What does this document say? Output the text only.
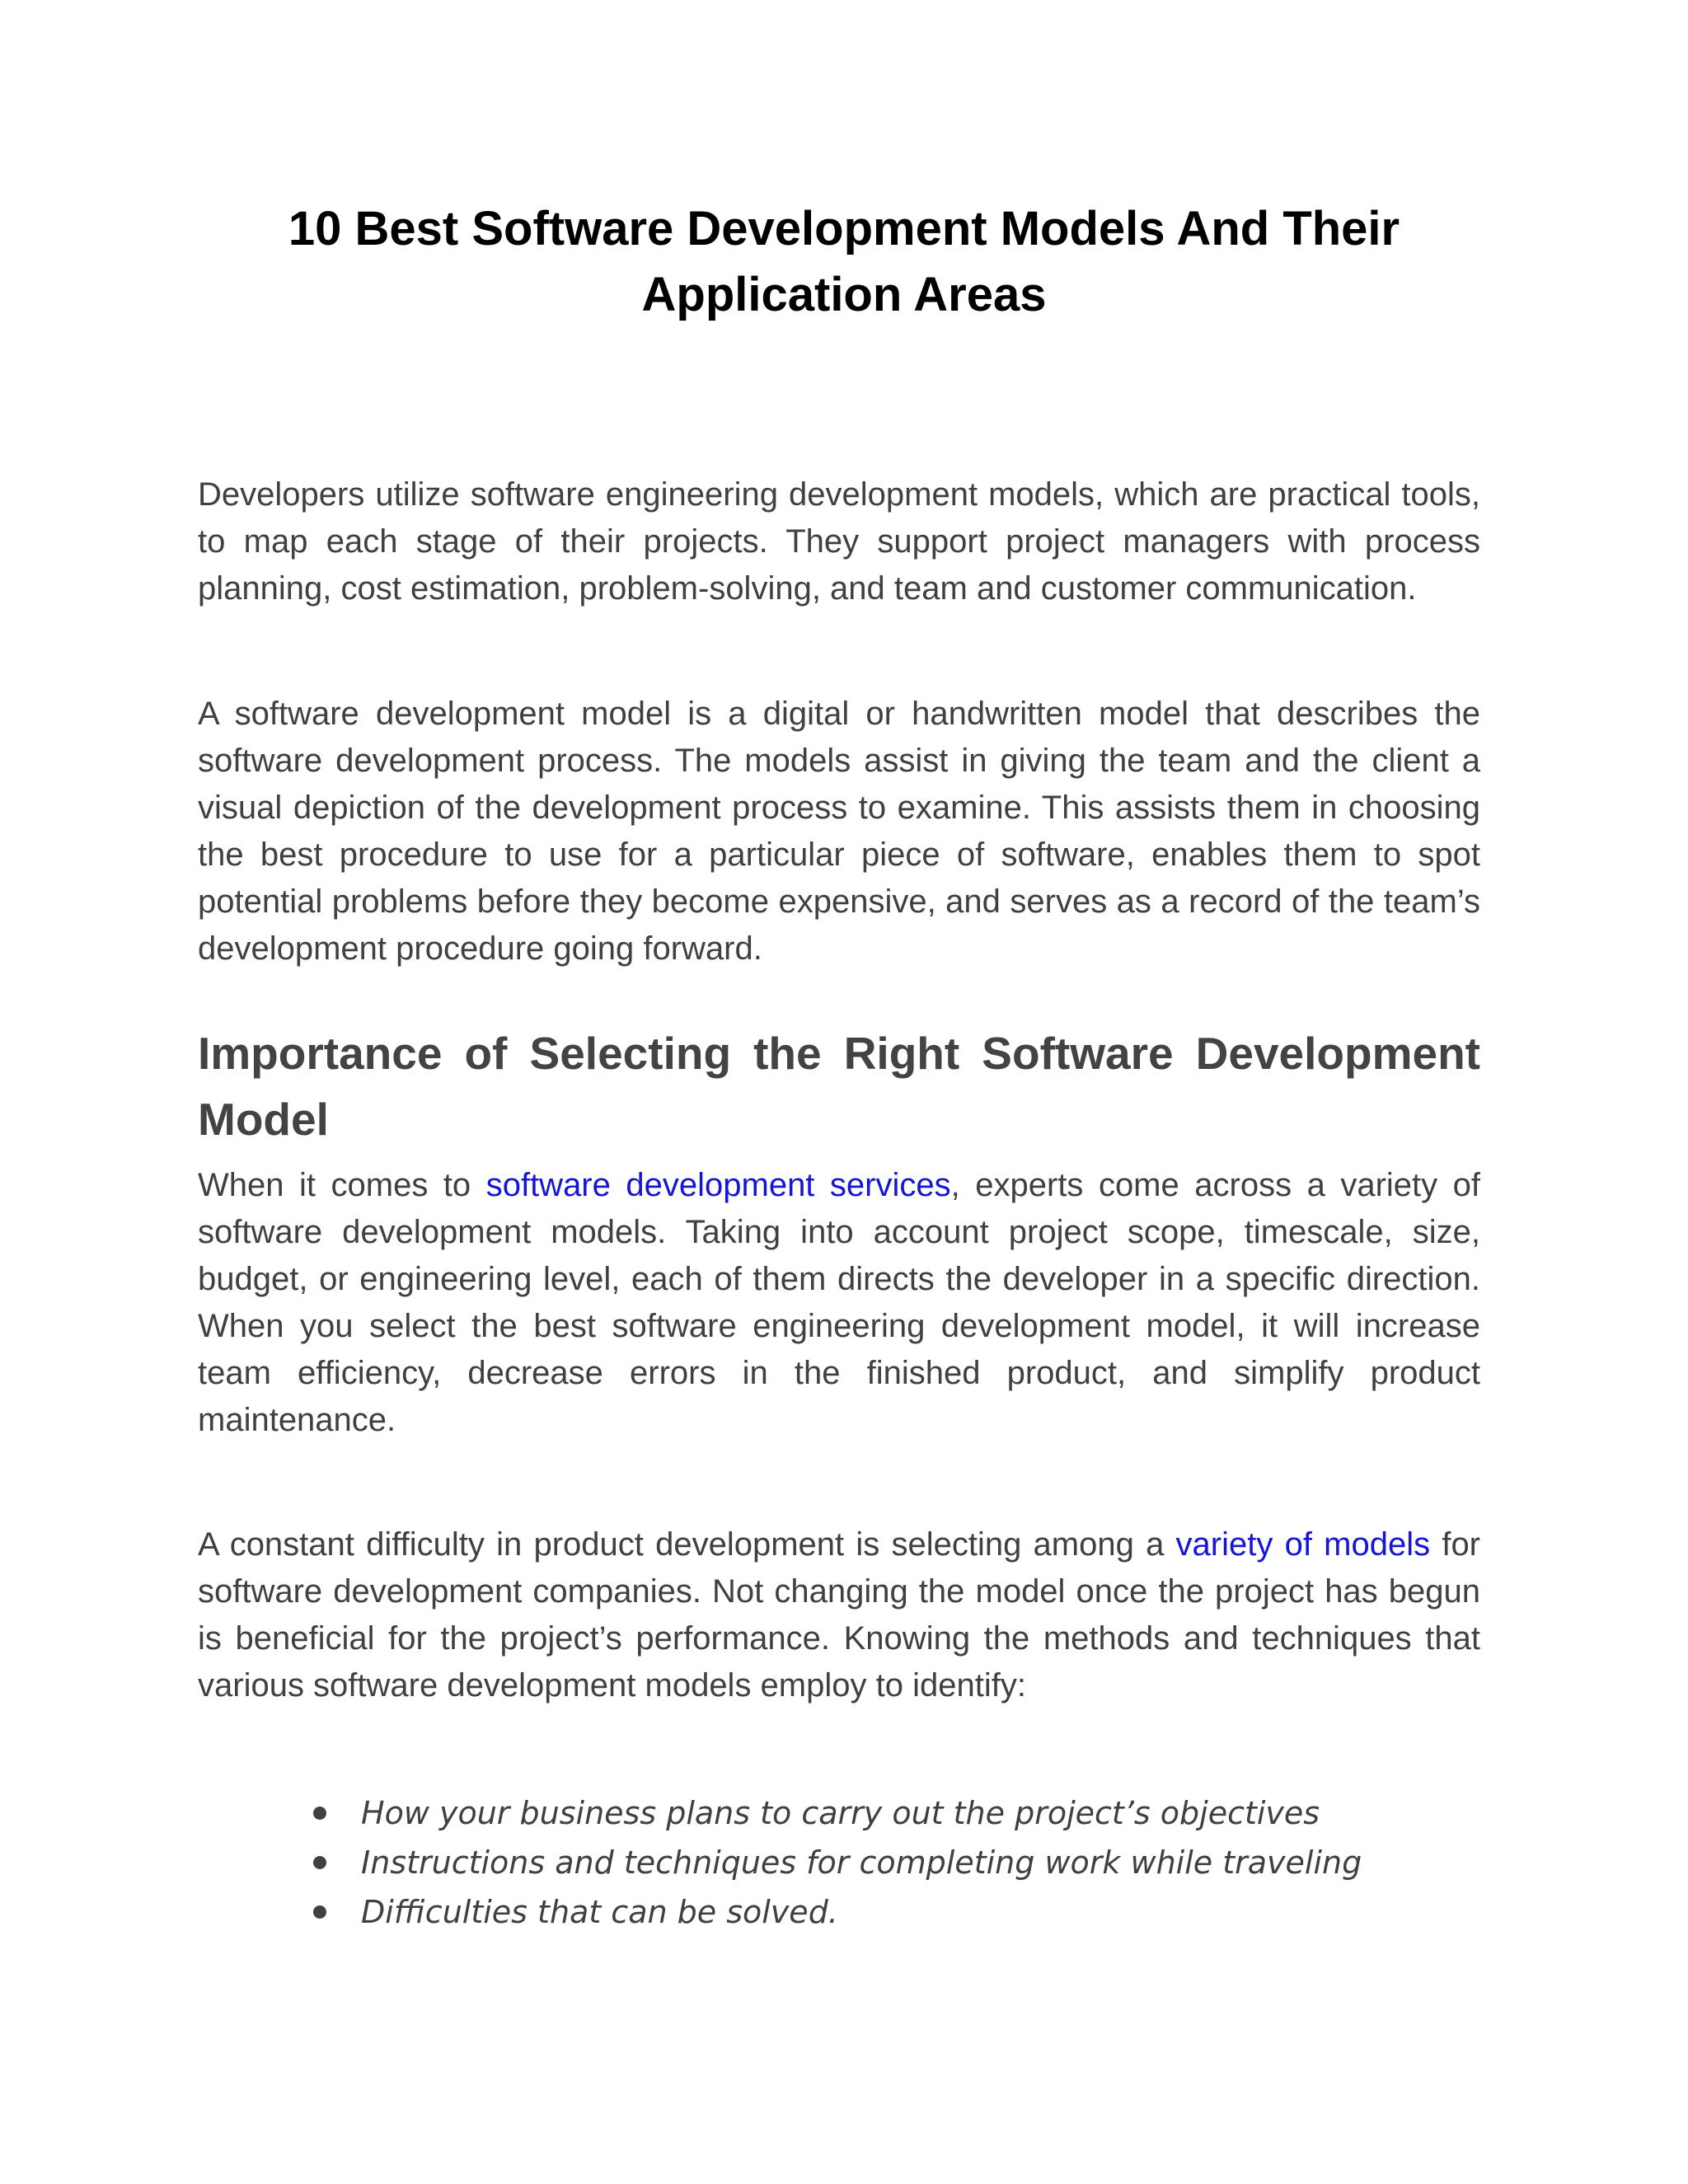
10 Best Software Development Models And Their Application Areas

Developers utilize software engineering development models, which are practical tools, to map each stage of their projects. They support project managers with process planning, cost estimation, problem-solving, and team and customer communication.

A software development model is a digital or handwritten model that describes the software development process. The models assist in giving the team and the client a visual depiction of the development process to examine. This assists them in choosing the best procedure to use for a particular piece of software, enables them to spot potential problems before they become expensive, and serves as a record of the team’s development procedure going forward.

Importance of Selecting the Right Software Development Model

When it comes to software development services, experts come across a variety of software development models. Taking into account project scope, timescale, size, budget, or engineering level, each of them directs the developer in a specific direction. When you select the best software engineering development model, it will increase team efficiency, decrease errors in the finished product, and simplify product maintenance.

A constant difficulty in product development is selecting among a variety of models for software development companies. Not changing the model once the project has begun is beneficial for the project’s performance. Knowing the methods and techniques that various software development models employ to identify:

How your business plans to carry out the project’s objectives
Instructions and techniques for completing work while traveling
Difficulties that can be solved.
